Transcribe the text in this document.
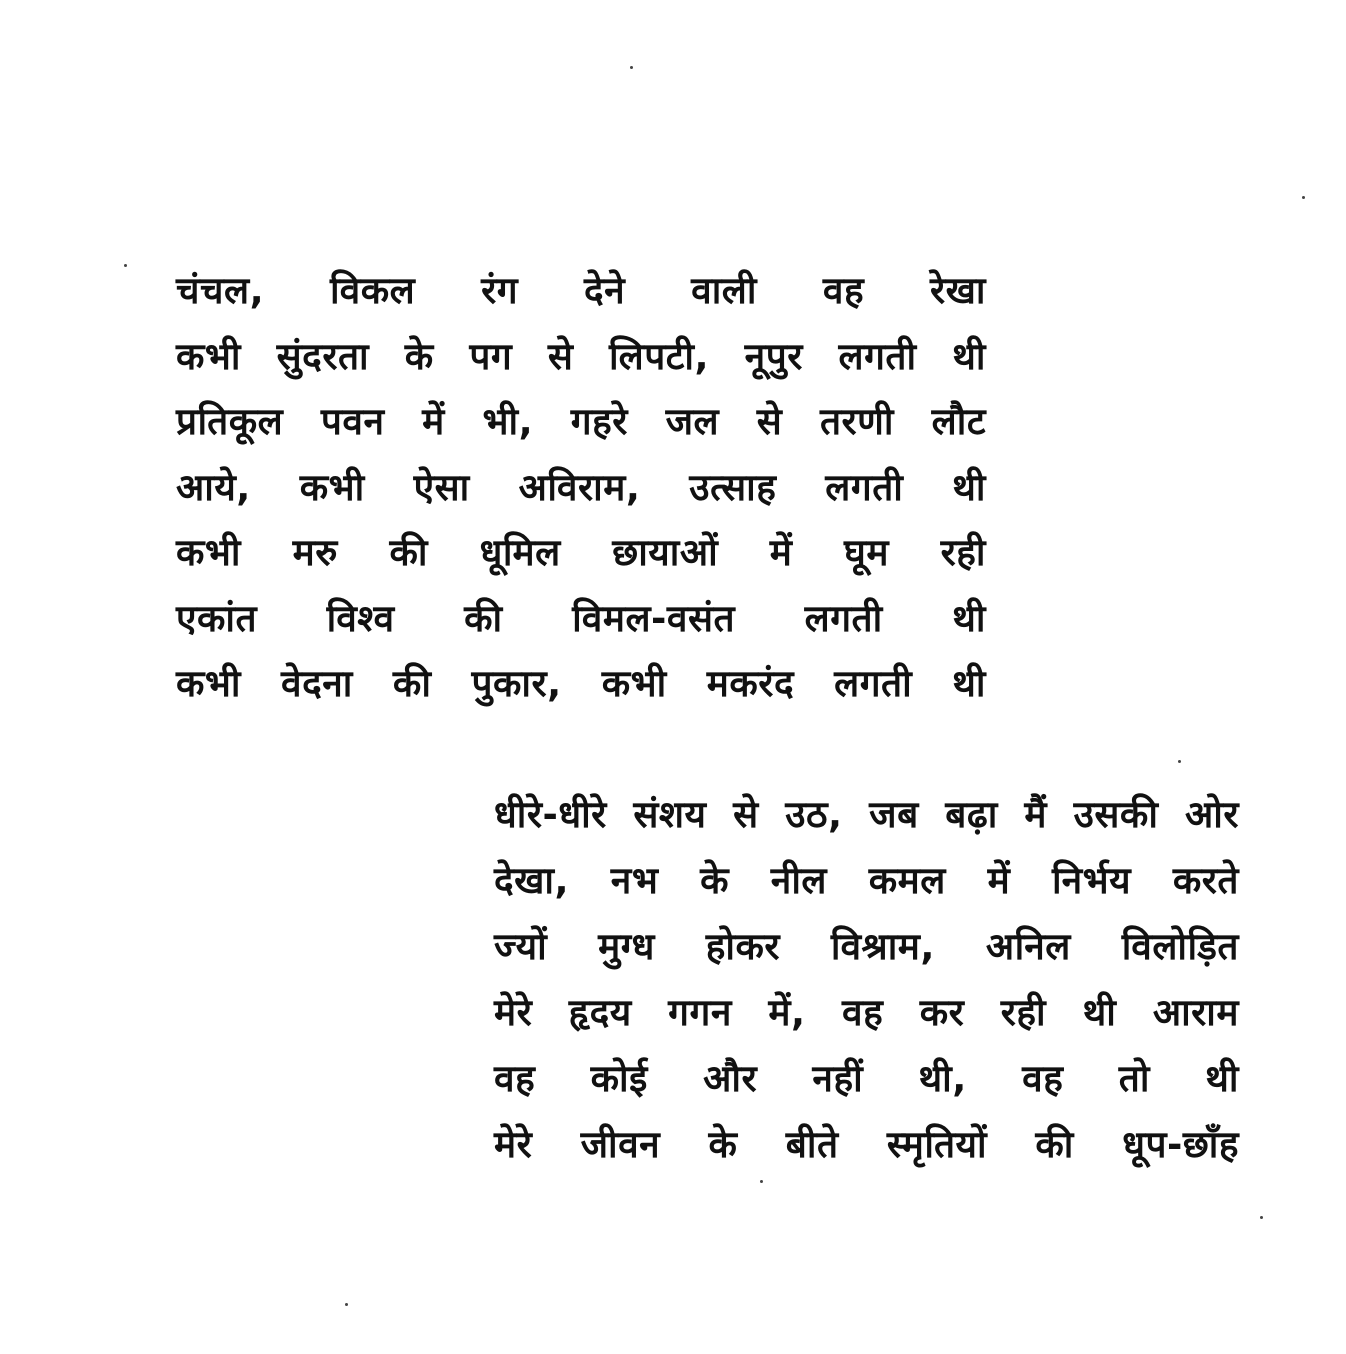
चंचल, विकल रंग देने वाली वह रेखा
कभी सुंदरता के पग से लिपटी, नूपुर लगती थी
प्रतिकूल पवन में भी, गहरे जल से तरणी लौट
आये, कभी ऐसा अविराम, उत्साह लगती थी
कभी मरु की धूमिल छायाओं में घूम रही
एकांत विश्व की विमल-वसंत लगती थी
कभी वेदना की पुकार, कभी मकरंद लगती थी
धीरे-धीरे संशय से उठ, जब बढ़ा मैं उसकी ओर
देखा, नभ के नील कमल में निर्भय करते
ज्यों मुग्ध होकर विश्राम, अनिल विलोड़ित
मेरे हृदय गगन में, वह कर रही थी आराम
वह कोई और नहीं थी, वह तो थी
मेरे जीवन के बीते स्मृतियों की धूप-छाँह
